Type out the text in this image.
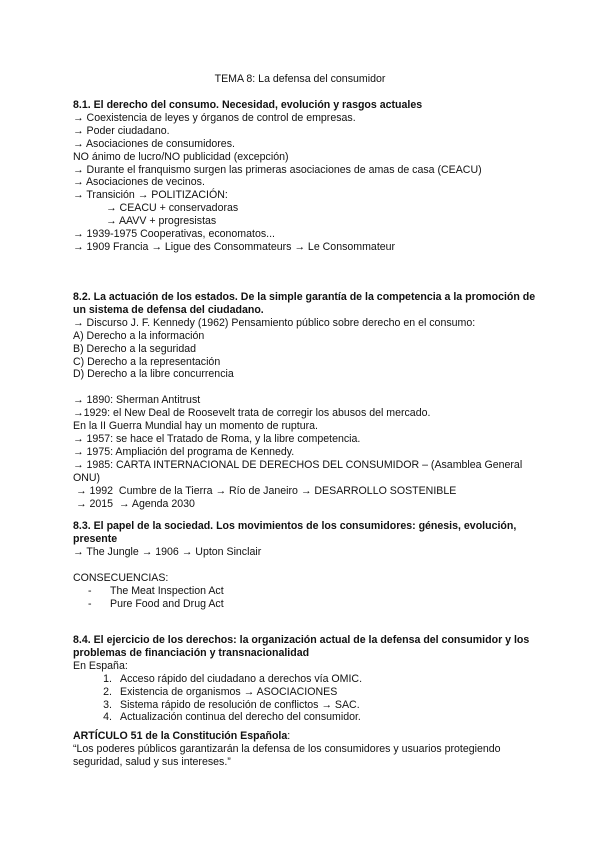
TEMA 8: La defensa del consumidor
8.1. El derecho del consumo. Necesidad, evolución y rasgos actuales
→ Coexistencia de leyes y órganos de control de empresas.
→ Poder ciudadano.
→ Asociaciones de consumidores.
NO ánimo de lucro/NO publicidad (excepción)
→ Durante el franquismo surgen las primeras asociaciones de amas de casa (CEACU)
→ Asociaciones de vecinos.
→ Transición → POLITIZACIÓN:
→ CEACU + conservadoras
→ AAVV + progresistas
→ 1939-1975 Cooperativas, economatos...
→ 1909 Francia → Ligue des Consommateurs → Le Consommateur
8.2. La actuación de los estados. De la simple garantía de la competencia a la promoción de un sistema de defensa del ciudadano.
→ Discurso J. F. Kennedy (1962) Pensamiento público sobre derecho en el consumo:
A) Derecho a la información
B) Derecho a la seguridad
C) Derecho a la representación
D) Derecho a la libre concurrencia
→ 1890: Sherman Antitrust
→1929: el New Deal de Roosevelt trata de corregir los abusos del mercado.
En la II Guerra Mundial hay un momento de ruptura.
→ 1957: se hace el Tratado de Roma, y la libre competencia.
→ 1975: Ampliación del programa de Kennedy.
→ 1985: CARTA INTERNACIONAL DE DERECHOS DEL CONSUMIDOR – (Asamblea General ONU)
→ 1992  Cumbre de la Tierra → Río de Janeiro → DESARROLLO SOSTENIBLE
→ 2015  → Agenda 2030
8.3. El papel de la sociedad. Los movimientos de los consumidores: génesis, evolución, presente
→ The Jungle → 1906 → Upton Sinclair
CONSECUENCIAS:
- The Meat Inspection Act
- Pure Food and Drug Act
8.4. El ejercicio de los derechos: la organización actual de la defensa del consumidor y los problemas de financiación y transnacionalidad
En España:
1. Acceso rápido del ciudadano a derechos vía OMIC.
2. Existencia de organismos → ASOCIACIONES
3. Sistema rápido de resolución de conflictos → SAC.
4. Actualización continua del derecho del consumidor.
ARTÍCULO 51 de la Constitución Española:
“Los poderes públicos garantizarán la defensa de los consumidores y usuarios protegiendo seguridad, salud y sus intereses.”
